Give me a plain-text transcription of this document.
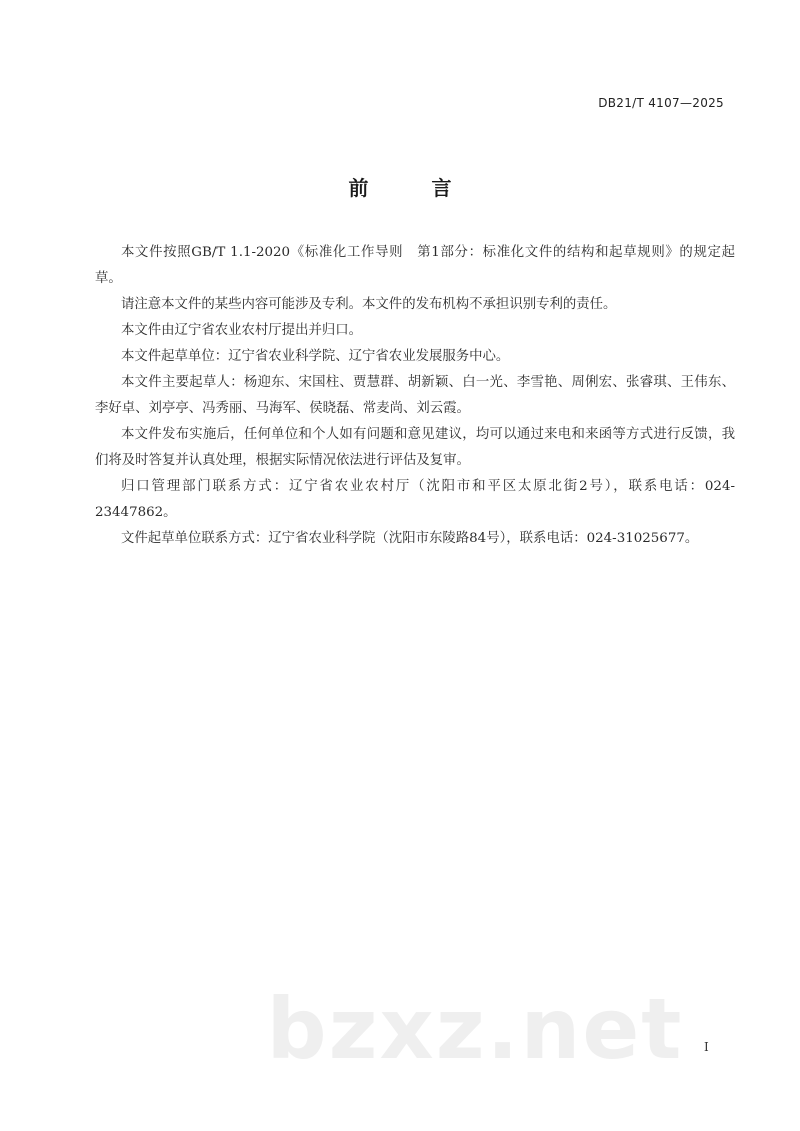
DB21/T 4107—2025
前 言

本文件按照GB/T 1.1-2020《标准化工作导则　第1部分：标准化文件的结构和起草规则》的规定起草。

请注意本文件的某些内容可能涉及专利。本文件的发布机构不承担识别专利的责任。

本文件由辽宁省农业农村厅提出并归口。

本文件起草单位：辽宁省农业科学院、辽宁省农业发展服务中心。

本文件主要起草人：杨迎东、宋国柱、贾慧群、胡新颖、白一光、李雪艳、周俐宏、张睿琪、王伟东、李好卓、刘亭亭、冯秀丽、马海军、侯晓磊、常麦尚、刘云霞。

本文件发布实施后，任何单位和个人如有问题和意见建议，均可以通过来电和来函等方式进行反馈，我们将及时答复并认真处理，根据实际情况依法进行评估及复审。

归口管理部门联系方式：辽宁省农业农村厅（沈阳市和平区太原北街2号），联系电话：024-23447862。

文件起草单位联系方式：辽宁省农业科学院（沈阳市东陵路84号），联系电话：024-31025677。

bzxz.net	I
